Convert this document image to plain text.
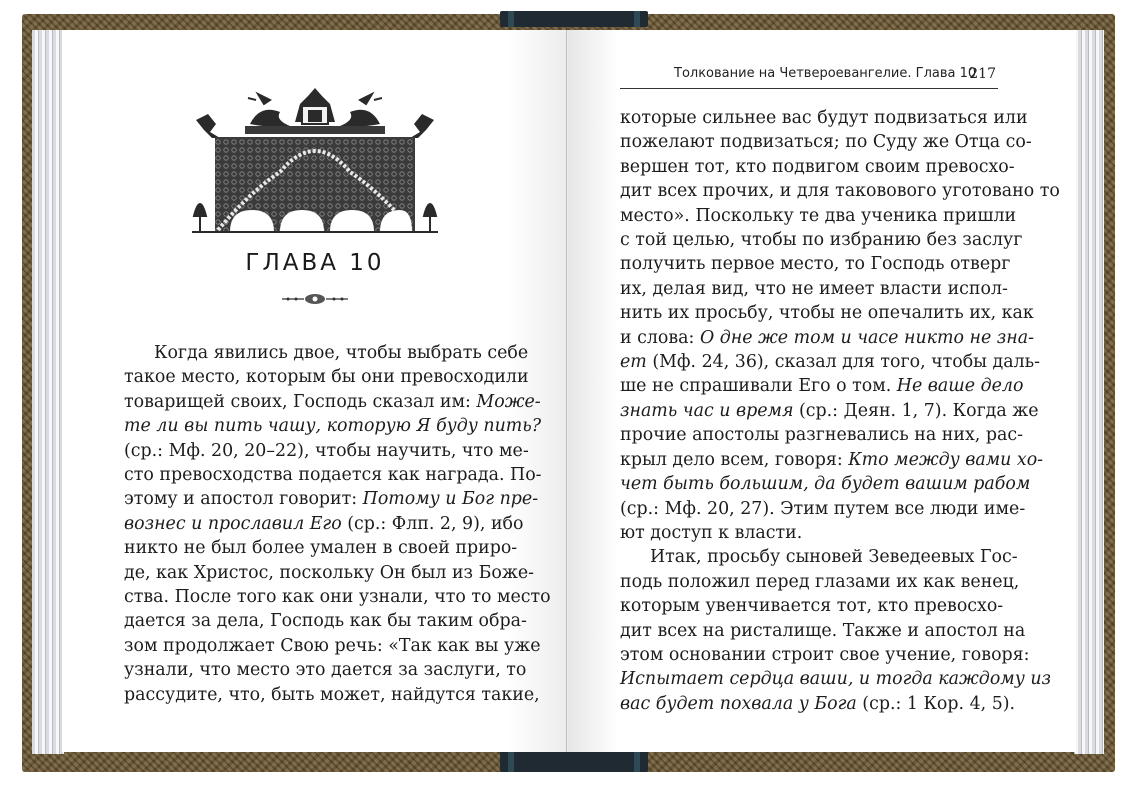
ГЛАВА 10
Когда явились двое, чтобы выбрать себе
такое место, которым бы они превосходили
товарищей своих, Господь сказал им: Може-
те ли вы пить чашу, которую Я буду пить?
(ср.: Мф. 20, 20–22), чтобы научить, что ме-
сто превосходства подается как награда. По-
этому и апостол говорит: Потому и Бог пре-
вознес и прославил Его (ср.: Флп. 2, 9), ибо
никто не был более умален в своей приро-
де, как Христос, поскольку Он был из Боже-
ства. После того как они узнали, что то место
дается за дела, Господь как бы таким обра-
зом продолжает Свою речь: «Так как вы уже
узнали, что место это дается за заслуги, то
рассудите, что, быть может, найдутся такие,
Толкование на Четвероевангелие. Глава 10
217
которые сильнее вас будут подвизаться или
пожелают подвизаться; по Суду же Отца со-
вершен тот, кто подвигом своим превосхо-
дит всех прочих, и для таковового уготовано то
место». Поскольку те два ученика пришли
с той целью, чтобы по избранию без заслуг
получить первое место, то Господь отверг
их, делая вид, что не имеет власти испол-
нить их просьбу, чтобы не опечалить их, как
и слова: О дне же том и часе никто не зна-
ет (Мф. 24, 36), сказал для того, чтобы даль-
ше не спрашивали Его о том. Не ваше дело
знать час и время (ср.: Деян. 1, 7). Когда же
прочие апостолы разгневались на них, рас-
крыл дело всем, говоря: Кто между вами хо-
чет быть большим, да будет вашим рабом
(ср.: Мф. 20, 27). Этим путем все люди име-
ют доступ к власти.
Итак, просьбу сыновей Зеведеевых Гос-
подь положил перед глазами их как венец,
которым увенчивается тот, кто превосхо-
дит всех на ристалище. Также и апостол на
этом основании строит свое учение, говоря:
Испытает сердца ваши, и тогда каждому из
вас будет похвала у Бога (ср.: 1 Кор. 4, 5).
